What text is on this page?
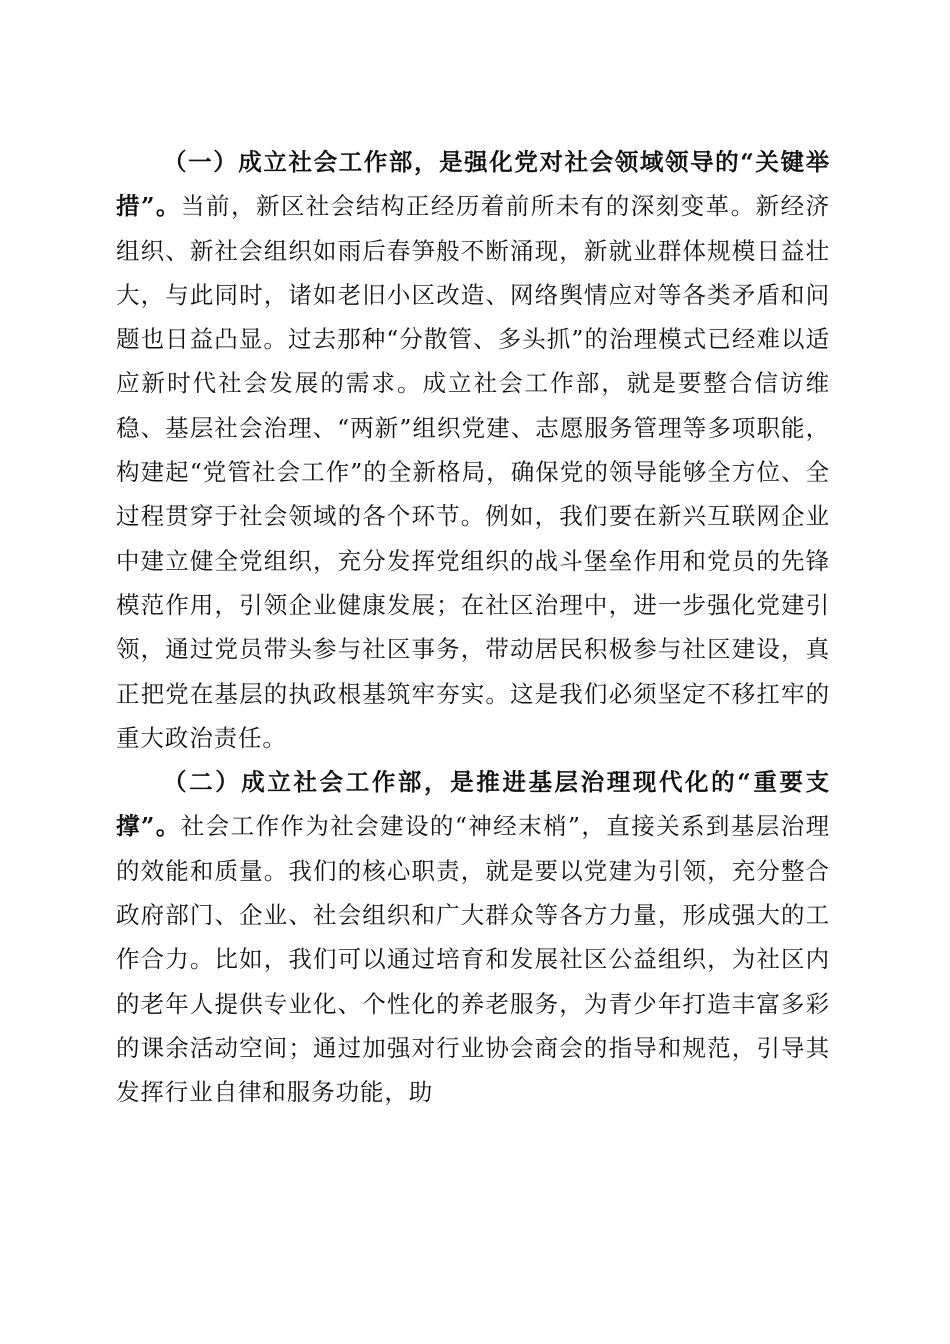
（一）成立社会工作部，是强化党对社会领域领导的“关键举措”。当前，新区社会结构正经历着前所未有的深刻变革。新经济组织、新社会组织如雨后春笋般不断涌现，新就业群体规模日益壮大，与此同时，诸如老旧小区改造、网络舆情应对等各类矛盾和问题也日益凸显。过去那种“分散管、多头抓”的治理模式已经难以适应新时代社会发展的需求。成立社会工作部，就是要整合信访维稳、基层社会治理、“两新”组织党建、志愿服务管理等多项职能，构建起“党管社会工作”的全新格局，确保党的领导能够全方位、全过程贯穿于社会领域的各个环节。例如，我们要在新兴互联网企业中建立健全党组织，充分发挥党组织的战斗堡垒作用和党员的先锋模范作用，引领企业健康发展；在社区治理中，进一步强化党建引领，通过党员带头参与社区事务，带动居民积极参与社区建设，真正把党在基层的执政根基筑牢夯实。这是我们必须坚定不移扛牢的重大政治责任。

（二）成立社会工作部，是推进基层治理现代化的“重要支撑”。社会工作作为社会建设的“神经末梢”，直接关系到基层治理的效能和质量。我们的核心职责，就是要以党建为引领，充分整合政府部门、企业、社会组织和广大群众等各方力量，形成强大的工作合力。比如，我们可以通过培育和发展社区公益组织，为社区内的老年人提供专业化、个性化的养老服务，为青少年打造丰富多彩的课余活动空间；通过加强对行业协会商会的指导和规范，引导其发挥行业自律和服务功能，助
